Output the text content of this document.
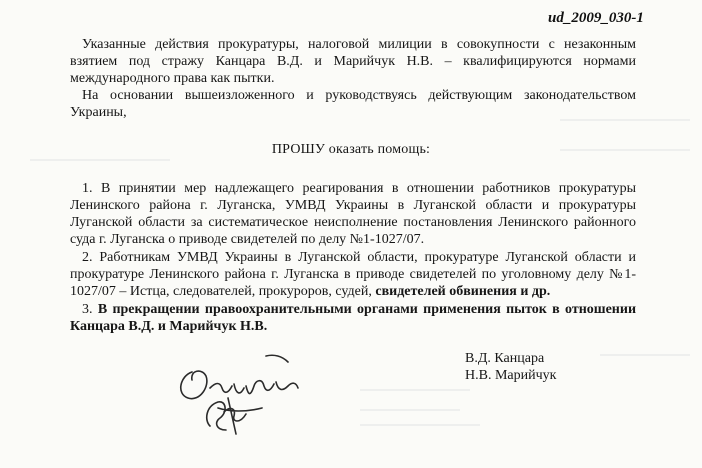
ud_2009_030-1

Указанные действия прокуратуры, налоговой милиции в совокупности с незаконным взятием под стражу Канцара В.Д. и Марийчук Н.В. – квалифицируются нормами международного права как пытки.

На основании вышеизложенного и руководствуясь действующим законодательством Украины,

ПРОШУ оказать помощь:

1. В принятии мер надлежащего реагирования в отношении работников прокуратуры Ленинского района г. Луганска, УМВД Украины в Луганской области и прокуратуры Луганской области за систематическое неисполнение постановления Ленинского районного суда г. Луганска о приводе свидетелей по делу №1-1027/07.

2. Работникам УМВД Украины в Луганской области, прокуратуре Луганской области и прокуратуре Ленинского района г. Луганска в приводе свидетелей по уголовному делу №1-1027/07 – Истца, следователей, прокуроров, судей, свидетелей обвинения и др.

3. В прекращении правоохранительными органами применения пыток в отношении Канцара В.Д. и Марийчук Н.В.

В.Д. Канцара
Н.В. Марийчук
